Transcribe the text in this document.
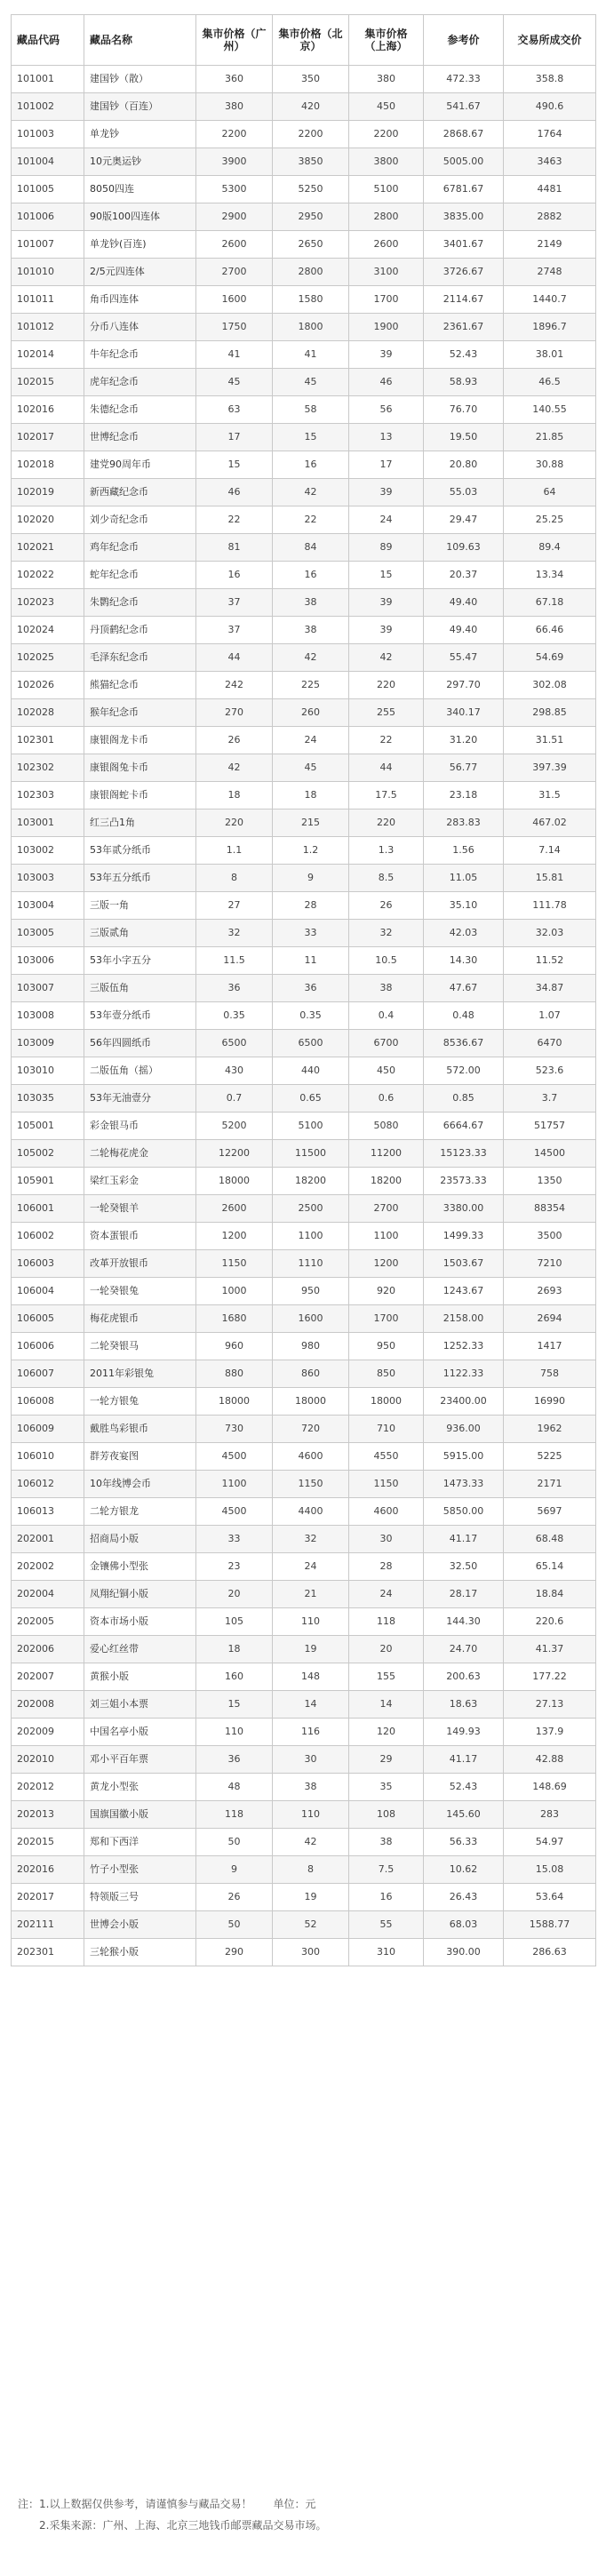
藏品代码	藏品名称	集市价格（广州）	集市价格（北京）	集市价格（上海）	参考价	交易所成交价
101001	建国钞（散）	360	350	380	472.33	358.8
101002	建国钞（百连）	380	420	450	541.67	490.6
101003	单龙钞	2200	2200	2200	2868.67	1764
101004	10元奥运钞	3900	3850	3800	5005.00	3463
101005	8050四连	5300	5250	5100	6781.67	4481
101006	90版100四连体	2900	2950	2800	3835.00	2882
101007	单龙钞(百连)	2600	2650	2600	3401.67	2149
101010	2/5元四连体	2700	2800	3100	3726.67	2748
101011	角币四连体	1600	1580	1700	2114.67	1440.7
101012	分币八连体	1750	1800	1900	2361.67	1896.7
102014	牛年纪念币	41	41	39	52.43	38.01
102015	虎年纪念币	45	45	46	58.93	46.5
102016	朱德纪念币	63	58	56	76.70	140.55
102017	世博纪念币	17	15	13	19.50	21.85
102018	建党90周年币	15	16	17	20.80	30.88
102019	新西藏纪念币	46	42	39	55.03	64
102020	刘少奇纪念币	22	22	24	29.47	25.25
102021	鸡年纪念币	81	84	89	109.63	89.4
102022	蛇年纪念币	16	16	15	20.37	13.34
102023	朱鹮纪念币	37	38	39	49.40	67.18
102024	丹顶鹤纪念币	37	38	39	49.40	66.46
102025	毛泽东纪念币	44	42	42	55.47	54.69
102026	熊猫纪念币	242	225	220	297.70	302.08
102028	猴年纪念币	270	260	255	340.17	298.85
102301	康银阁龙卡币	26	24	22	31.20	31.51
102302	康银阁兔卡币	42	45	44	56.77	397.39
102303	康银阁蛇卡币	18	18	17.5	23.18	31.5
103001	红三凸1角	220	215	220	283.83	467.02
103002	53年贰分纸币	1.1	1.2	1.3	1.56	7.14
103003	53年五分纸币	8	9	8.5	11.05	15.81
103004	三版一角	27	28	26	35.10	111.78
103005	三版贰角	32	33	32	42.03	32.03
103006	53年小字五分	11.5	11	10.5	14.30	11.52
103007	三版伍角	36	36	38	47.67	34.87
103008	53年壹分纸币	0.35	0.35	0.4	0.48	1.07
103009	56年四圆纸币	6500	6500	6700	8536.67	6470
103010	二版伍角（摇）	430	440	450	572.00	523.6
103035	53年无油壹分	0.7	0.65	0.6	0.85	3.7
105001	彩金银马币	5200	5100	5080	6664.67	51757
105002	二轮梅花虎金	12200	11500	11200	15123.33	14500
105901	梁红玉彩金	18000	18200	18200	23573.33	1350
106001	一轮癸银羊	2600	2500	2700	3380.00	88354
106002	资本蛋银币	1200	1100	1100	1499.33	3500
106003	改革开放银币	1150	1110	1200	1503.67	7210
106004	一轮癸银兔	1000	950	920	1243.67	2693
106005	梅花虎银币	1680	1600	1700	2158.00	2694
106006	二轮癸银马	960	980	950	1252.33	1417
106007	2011年彩银兔	880	860	850	1122.33	758
106008	一轮方银兔	18000	18000	18000	23400.00	16990
106009	戴胜鸟彩银币	730	720	710	936.00	1962
106010	群芳夜宴图	4500	4600	4550	5915.00	5225
106012	10年线博会币	1100	1150	1150	1473.33	2171
106013	二轮方银龙	4500	4400	4600	5850.00	5697
202001	招商局小版	33	32	30	41.17	68.48
202002	金镶佛小型张	23	24	28	32.50	65.14
202004	凤翔纪铜小版	20	21	24	28.17	18.84
202005	资本市场小版	105	110	118	144.30	220.6
202006	爱心红丝带	18	19	20	24.70	41.37
202007	黄猴小版	160	148	155	200.63	177.22
202008	刘三姐小本票	15	14	14	18.63	27.13
202009	中国名亭小版	110	116	120	149.93	137.9
202010	邓小平百年票	36	30	29	41.17	42.88
202012	黄龙小型张	48	38	35	52.43	148.69
202013	国旗国徽小版	118	110	108	145.60	283
202015	郑和下西洋	50	42	38	56.33	54.97
202016	竹子小型张	9	8	7.5	10.62	15.08
202017	特领版三号	26	19	16	26.43	53.64
202111	世博会小版	50	52	55	68.03	1588.77
202301	三轮猴小版	290	300	310	390.00	286.63
注：1.以上数据仅供参考，请谨慎参与藏品交易！　　单位：元
2.采集来源：广州、上海、北京三地钱币邮票藏品交易市场。
